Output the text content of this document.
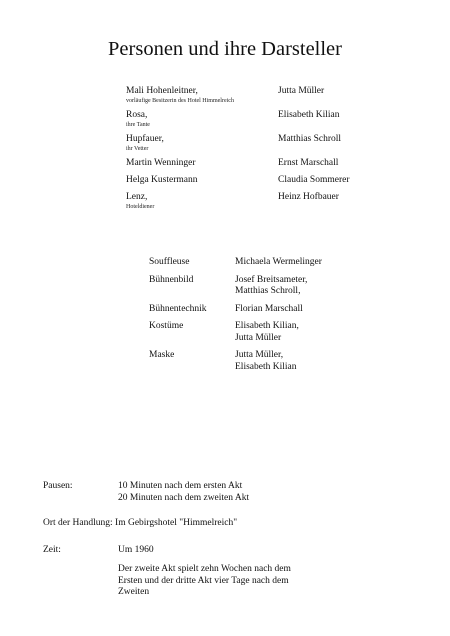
Personen und ihre Darsteller
Mali Hohenleitner,	Jutta Müller
vorläufige Besitzerin des Hotel Himmelreich
Rosa,	Elisabeth Kilian
ihre Tante
Hupfauer,	Matthias Schroll
ihr Vetter
Martin Wenninger	Ernst Marschall
Helga Kustermann	Claudia Sommerer
Lenz,	Heinz Hofbauer
Hoteldiener
Souffleuse	Michaela Wermelinger
Bühnenbild	Josef Breitsameter,
Matthias Schroll,
Bühnentechnik	Florian Marschall
Kostüme	Elisabeth Kilian,
Jutta Müller
Maske	Jutta Müller,
Elisabeth Kilian
Pausen:	10 Minuten nach dem ersten Akt
20 Minuten nach dem zweiten Akt
Ort der Handlung: Im Gebirgshotel "Himmelreich"
Zeit:	Um 1960

Der zweite Akt spielt zehn Wochen nach dem
Ersten und der dritte Akt vier Tage nach dem
Zweiten
